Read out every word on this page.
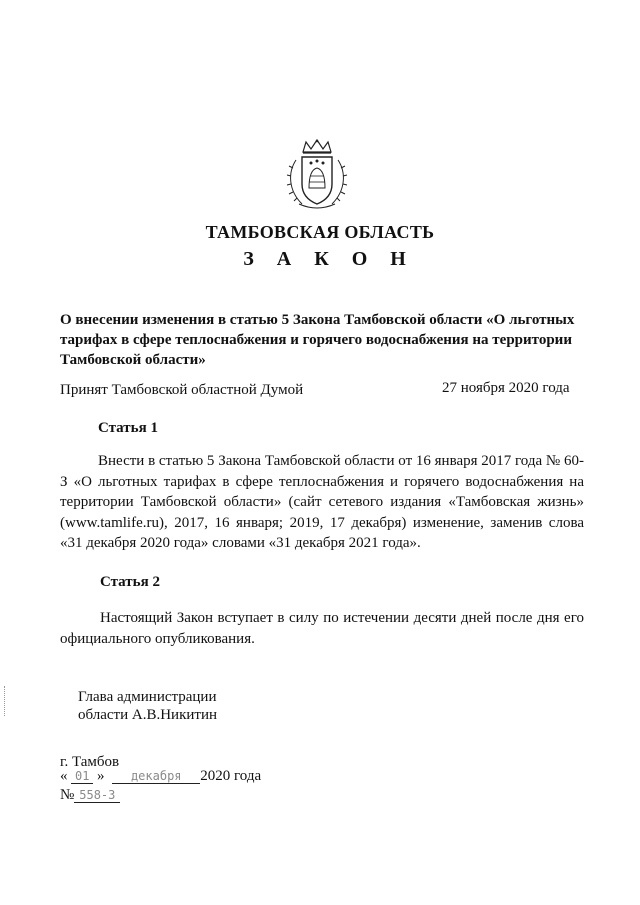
ТАМБОВСКАЯ ОБЛАСТЬ
З А К О Н
О внесении изменения в статью 5 Закона Тамбовской области «О льготных тарифах в сфере теплоснабжения и горячего водоснабжения на территории Тамбовской области»
Принят Тамбовской областной Думой	27 ноября 2020 года
Статья 1
Внести в статью 5 Закона Тамбовской области от 16 января 2017 года № 60-З «О льготных тарифах в сфере теплоснабжения и горячего водоснабжения на территории Тамбовской области» (сайт сетевого издания «Тамбовская жизнь» (www.tamlife.ru), 2017, 16 января; 2019, 17 декабря) изменение, заменив слова «31 декабря 2020 года» словами «31 декабря 2021 года».
Статья 2
Настоящий Закон вступает в силу по истечении десяти дней после дня его официального опубликования.
Глава администрации
области А.В.Никитин
г. Тамбов
« 01 » декабря 2020 года
№ 558-З
